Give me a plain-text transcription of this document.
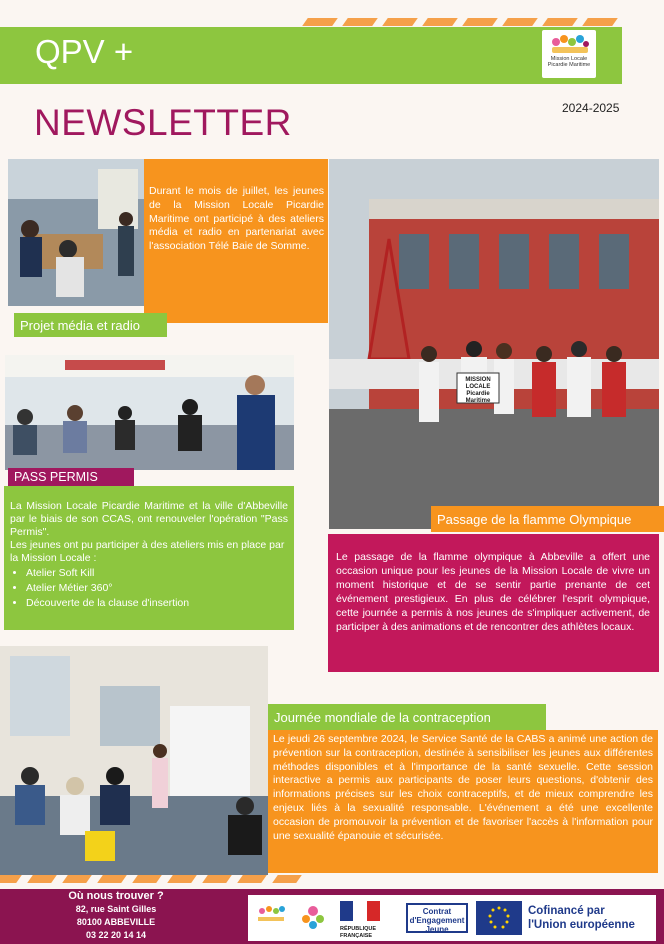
QPV +	Mission Locale
Picardie Maritime
NEWSLETTER	2024-2025

Durant le mois de juillet, les jeunes de la Mission Locale Picardie Maritime ont participé à des ateliers média et radio en partenariat avec l'association Télé Baie de Somme.

Projet média et radio
PASS PERMIS

La Mission Locale Picardie Maritime et la ville d'Abbeville par le biais de son CCAS, ont renouveler l'opération "Pass Permis".

Les jeunes ont pu participer à des ateliers mis en place par la Mission Locale :

• Atelier Soft Kill
• Atelier Métier 360°
• Découverte de la clause d'insertion
MISSION LOCALE Picardie Maritime
Passage de la flamme Olympique

Le passage de la flamme olympique à Abbeville a offert une occasion unique pour les jeunes de la Mission Locale de vivre un moment historique et de se sentir partie prenante de cet événement prestigieux. En plus de célébrer l'esprit olympique, cette journée a permis à nos jeunes de s'impliquer activement, de participer à des animations et de rencontrer des athlètes locaux.

Journée mondiale de la contraception

Le jeudi 26 septembre 2024, le Service Santé de la CABS a animé une action de prévention sur la contraception, destinée à sensibiliser les jeunes aux différentes méthodes disponibles et à l'importance de la santé sexuelle. Cette session interactive a permis aux participants de poser leurs questions, d'obtenir des informations précises sur les choix contraceptifs, et de mieux comprendre les enjeux liés à la sexualité responsable. L'événement a été une excellente occasion de promouvoir la prévention et de favoriser l'accès à l'information pour une sexualité épanouie et sécurisée.

Où nous trouver ?
82, rue Saint Gilles
80100 ABBEVILLE
03 22 20 14 14
RÉPUBLIQUE FRANÇAISE
Contrat d'Engagement Jeune
Cofinancé par
l'Union européenne
